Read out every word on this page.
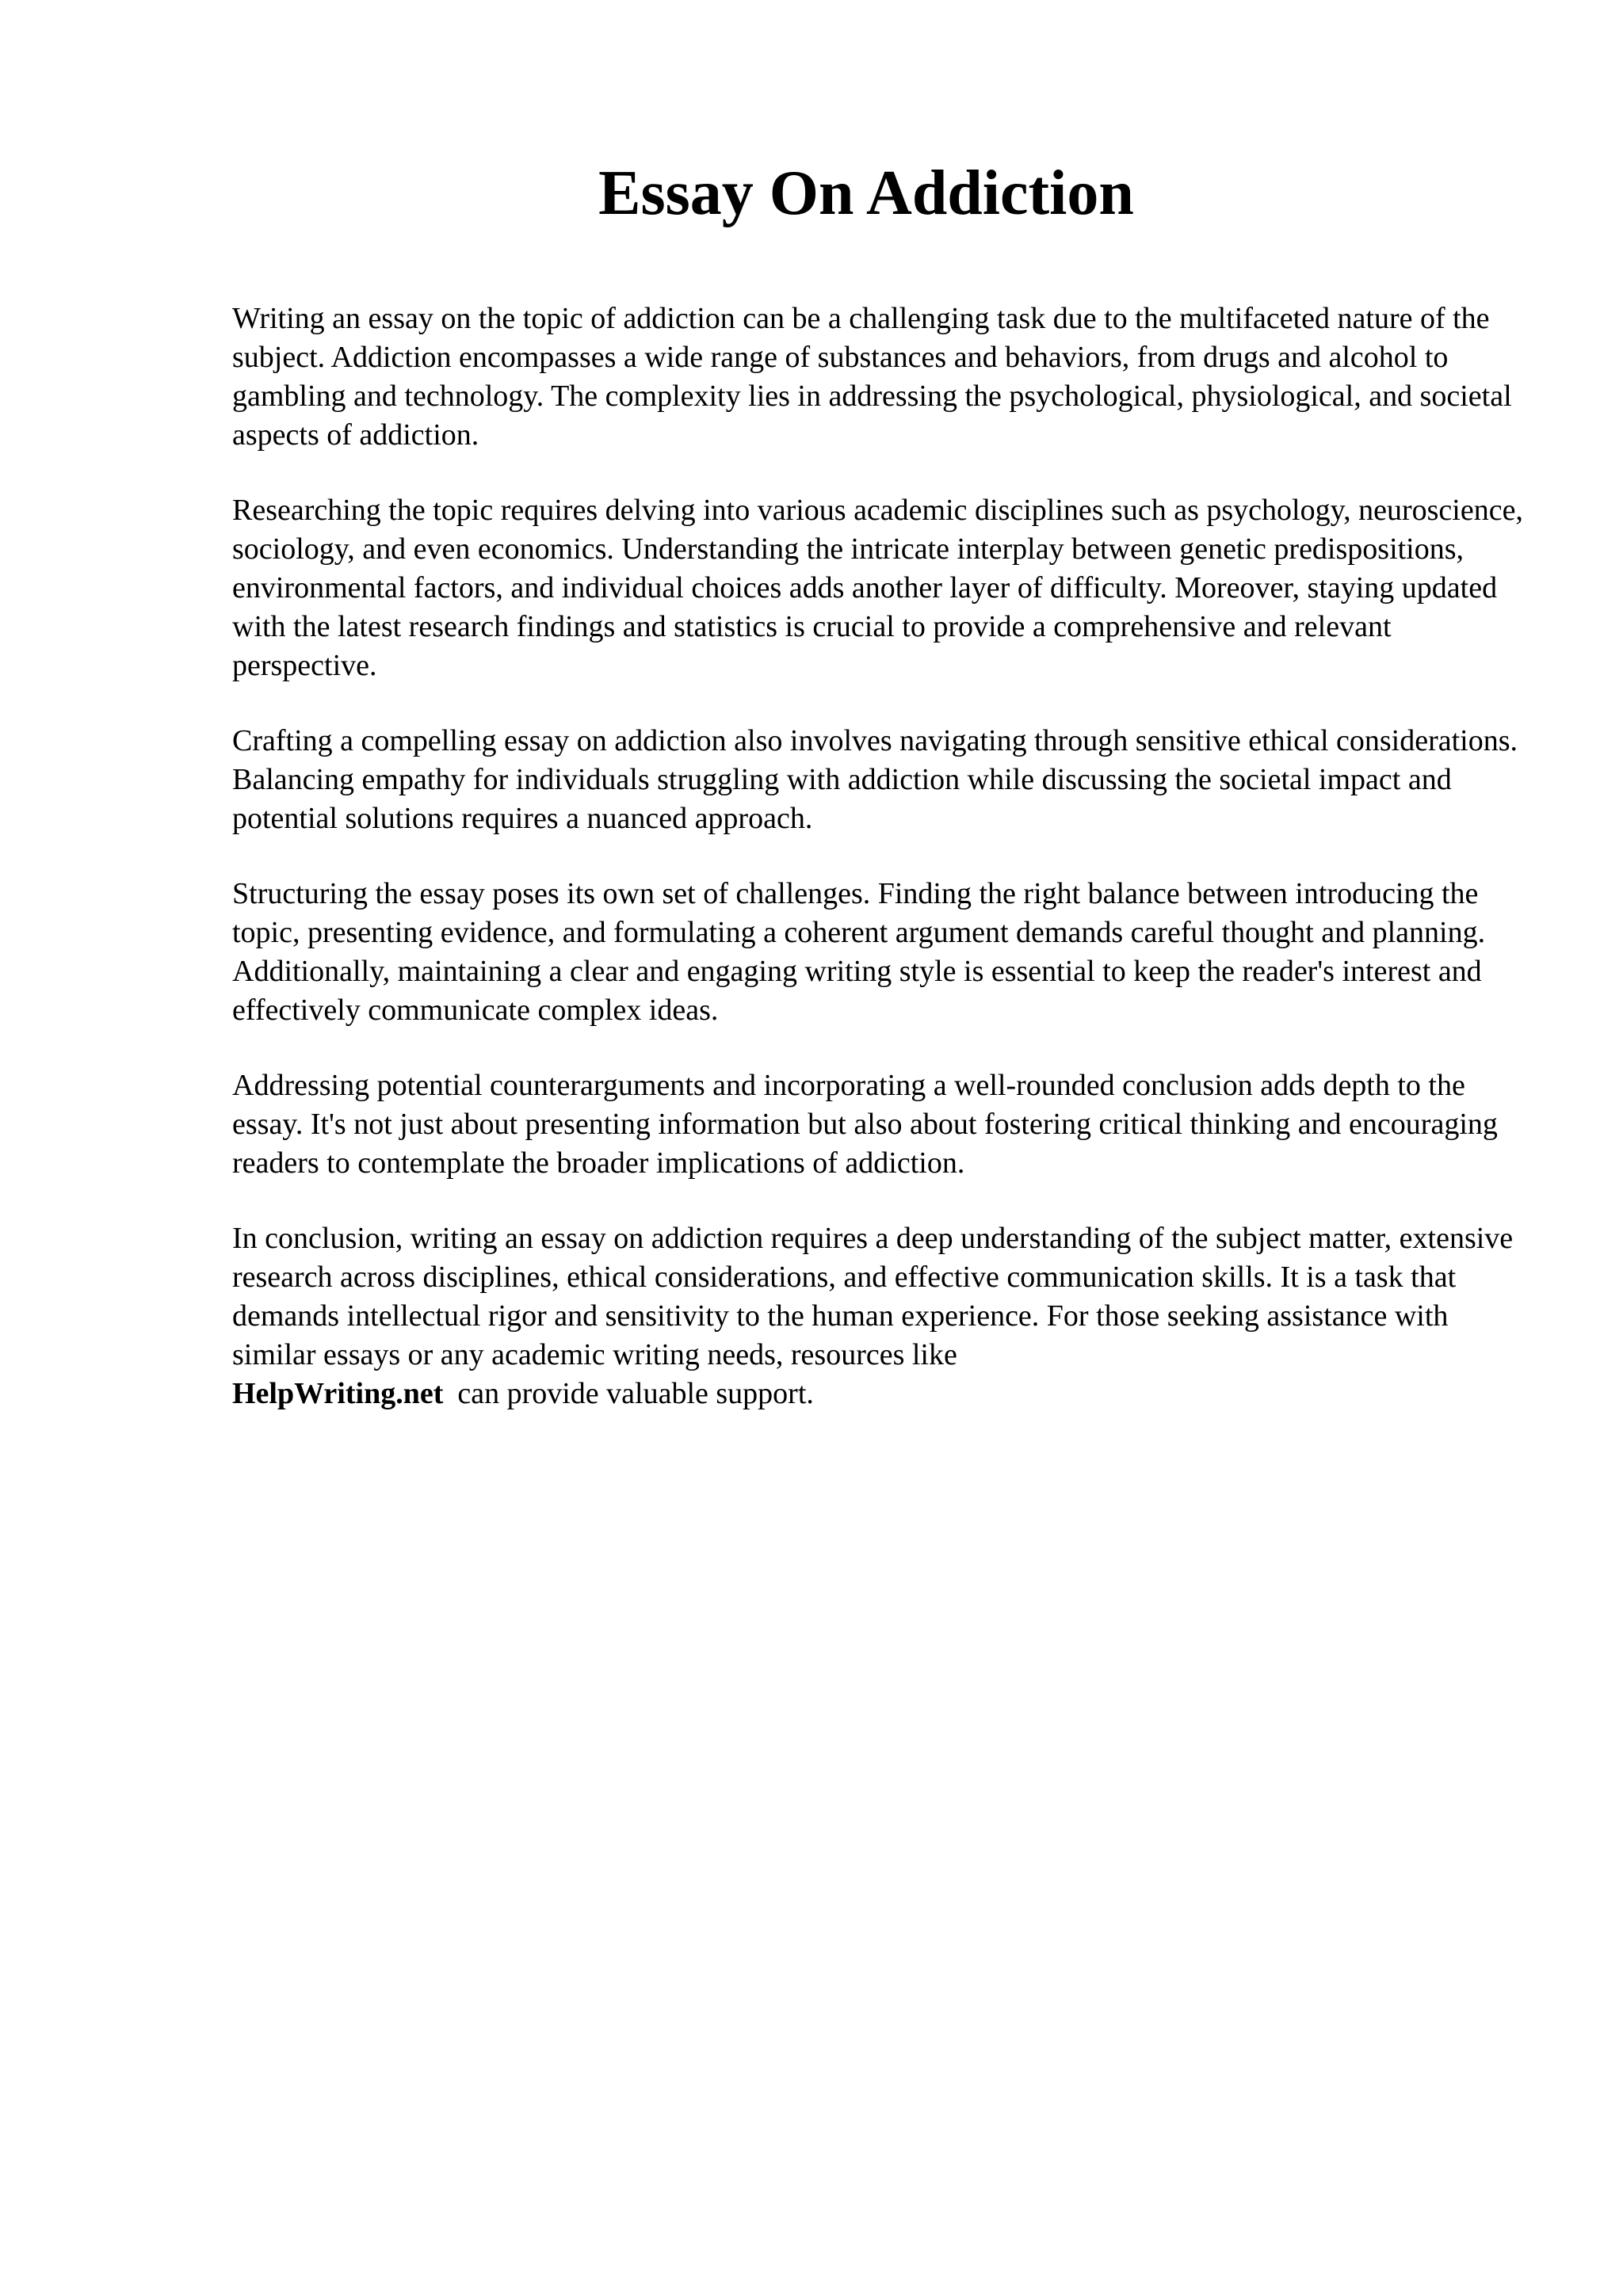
Essay On Addiction

Writing an essay on the topic of addiction can be a challenging task due to the multifaceted nature of the subject. Addiction encompasses a wide range of substances and behaviors, from drugs and alcohol to gambling and technology. The complexity lies in addressing the psychological, physiological, and societal aspects of addiction.

Researching the topic requires delving into various academic disciplines such as psychology, neuroscience, sociology, and even economics. Understanding the intricate interplay between genetic predispositions, environmental factors, and individual choices adds another layer of difficulty. Moreover, staying updated with the latest research findings and statistics is crucial to provide a comprehensive and relevant perspective.

Crafting a compelling essay on addiction also involves navigating through sensitive ethical considerations. Balancing empathy for individuals struggling with addiction while discussing the societal impact and potential solutions requires a nuanced approach.

Structuring the essay poses its own set of challenges. Finding the right balance between introducing the topic, presenting evidence, and formulating a coherent argument demands careful thought and planning. Additionally, maintaining a clear and engaging writing style is essential to keep the reader's interest and effectively communicate complex ideas.

Addressing potential counterarguments and incorporating a well-rounded conclusion adds depth to the essay. It's not just about presenting information but also about fostering critical thinking and encouraging readers to contemplate the broader implications of addiction.

In conclusion, writing an essay on addiction requires a deep understanding of the subject matter, extensive research across disciplines, ethical considerations, and effective communication skills. It is a task that demands intellectual rigor and sensitivity to the human experience. For those seeking assistance with similar essays or any academic writing needs, resources like
HelpWriting.net can provide valuable support.
